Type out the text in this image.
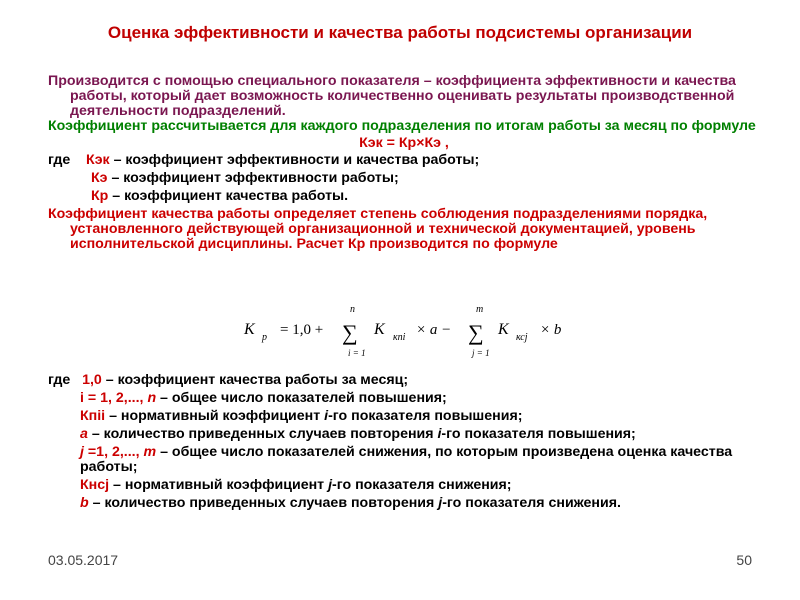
Оценка эффективности и качества работы подсистемы организации

Производится с помощью специального показателя – коэффициента эффективности и качества работы, который дает возможность количественно оценивать результаты производственной деятельности подразделений.

Коэффициент рассчитывается для каждого подразделения по итогам работы за месяц по формуле

Кэк = Кр×Кэ ,

где Кэк – коэффициент эффективности и качества работы;

Кэ – коэффициент эффективности работы;

Кр – коэффициент качества работы.

Коэффициент качества работы определяет степень соблюдения подразделениями порядка, установленного действующей организационной и технической документацией, уровень исполнительской дисциплины. Расчет Кр производится по формуле

K p = 1,0 +
n
∑
i = 1
K кпі × a −
m
∑
j = 1
K ксj × b

где 1,0 – коэффициент качества работы за месяц;

i = 1, 2,..., n – общее число показателей повышения;

Кпіі – нормативный коэффициент i-го показателя повышения;

а – количество приведенных случаев повторения i-го показателя повышения;

j =1, 2,..., m – общее число показателей снижения, по которым произведена оценка качества работы;

Кнсj – нормативный коэффициент j-го показателя снижения;

b – количество приведенных случаев повторения j-го показателя снижения.

03.05.2017	50
